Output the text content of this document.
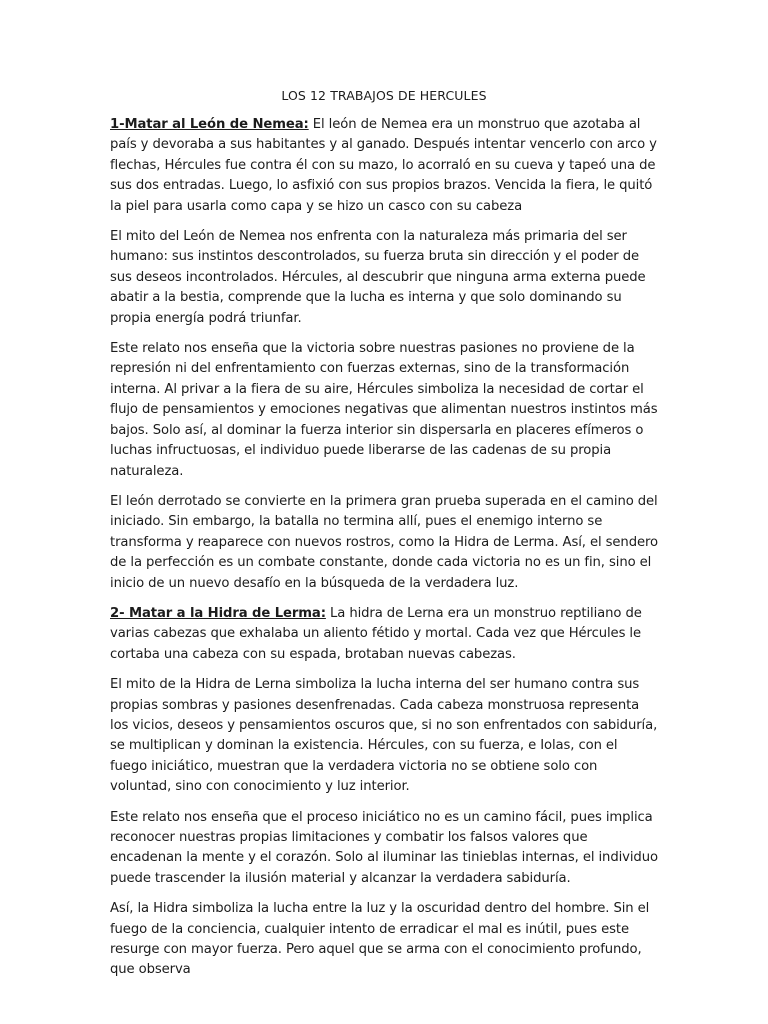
LOS 12 TRABAJOS DE HERCULES

1-Matar al León de Nemea: El león de Nemea era un monstruo que azotaba al país y devoraba a sus habitantes y al ganado. Después intentar vencerlo con arco y flechas, Hércules fue contra él con su mazo, lo acorraló en su cueva y tapeó una de sus dos entradas. Luego, lo asfixió con sus propios brazos. Vencida la fiera, le quitó la piel para usarla como capa y se hizo un casco con su cabeza

El mito del León de Nemea nos enfrenta con la naturaleza más primaria del ser humano: sus instintos descontrolados, su fuerza bruta sin dirección y el poder de sus deseos incontrolados. Hércules, al descubrir que ninguna arma externa puede abatir a la bestia, comprende que la lucha es interna y que solo dominando su propia energía podrá triunfar.

Este relato nos enseña que la victoria sobre nuestras pasiones no proviene de la represión ni del enfrentamiento con fuerzas externas, sino de la transformación interna. Al privar a la fiera de su aire, Hércules simboliza la necesidad de cortar el flujo de pensamientos y emociones negativas que alimentan nuestros instintos más bajos. Solo así, al dominar la fuerza interior sin dispersarla en placeres efímeros o luchas infructuosas, el individuo puede liberarse de las cadenas de su propia naturaleza.

El león derrotado se convierte en la primera gran prueba superada en el camino del iniciado. Sin embargo, la batalla no termina allí, pues el enemigo interno se transforma y reaparece con nuevos rostros, como la Hidra de Lerma. Así, el sendero de la perfección es un combate constante, donde cada victoria no es un fin, sino el inicio de un nuevo desafío en la búsqueda de la verdadera luz.

2- Matar a la Hidra de Lerma: La hidra de Lerna era un monstruo reptiliano de varias cabezas que exhalaba un aliento fétido y mortal. Cada vez que Hércules le cortaba una cabeza con su espada, brotaban nuevas cabezas.

El mito de la Hidra de Lerna simboliza la lucha interna del ser humano contra sus propias sombras y pasiones desenfrenadas. Cada cabeza monstruosa representa los vicios, deseos y pensamientos oscuros que, si no son enfrentados con sabiduría, se multiplican y dominan la existencia. Hércules, con su fuerza, e Iolas, con el fuego iniciático, muestran que la verdadera victoria no se obtiene solo con voluntad, sino con conocimiento y luz interior.

Este relato nos enseña que el proceso iniciático no es un camino fácil, pues implica reconocer nuestras propias limitaciones y combatir los falsos valores que encadenan la mente y el corazón. Solo al iluminar las tinieblas internas, el individuo puede trascender la ilusión material y alcanzar la verdadera sabiduría.

Así, la Hidra simboliza la lucha entre la luz y la oscuridad dentro del hombre. Sin el fuego de la conciencia, cualquier intento de erradicar el mal es inútil, pues este resurge con mayor fuerza. Pero aquel que se arma con el conocimiento profundo, que observa
